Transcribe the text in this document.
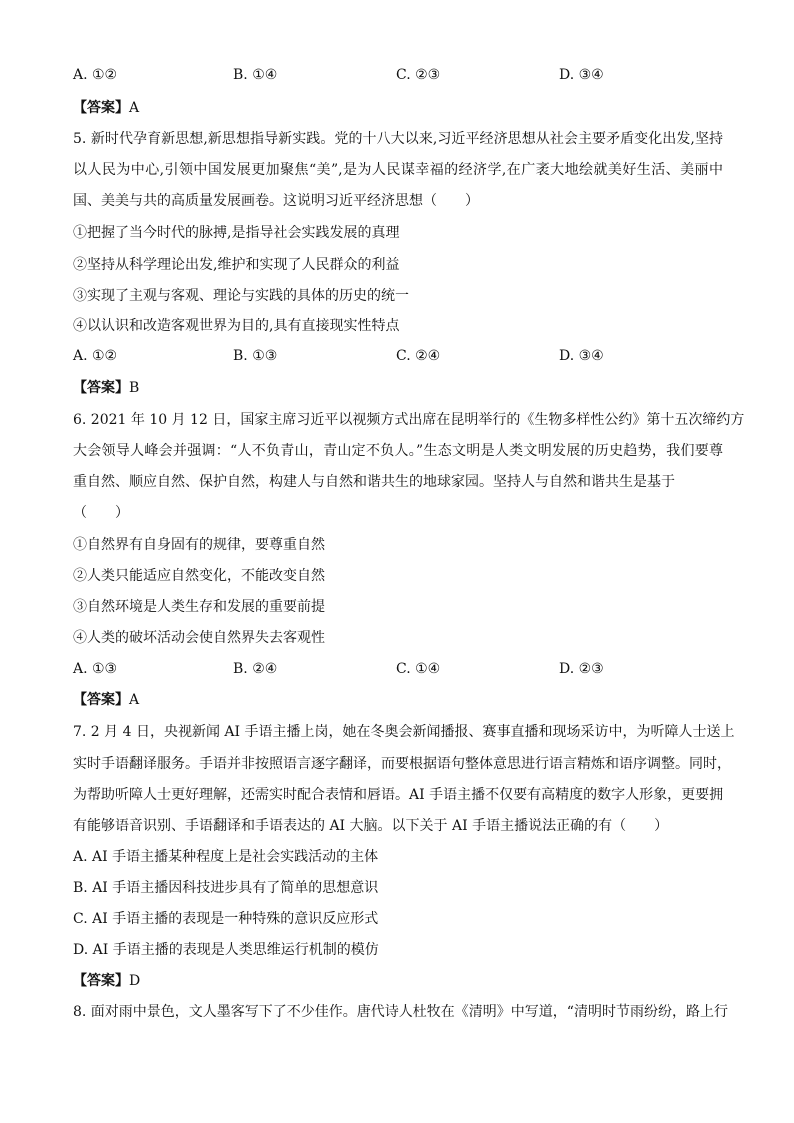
A. ①②	B. ①④	C. ②③	D. ③④
【答案】A
5. 新时代孕育新思想,新思想指导新实践。党的十八大以来,习近平经济思想从社会主要矛盾变化出发,坚持
以人民为中心,引领中国发展更加聚焦“美”,是为人民谋幸福的经济学,在广袤大地绘就美好生活、美丽中
国、美美与共的高质量发展画卷。这说明习近平经济思想（　　）
①把握了当今时代的脉搏,是指导社会实践发展的真理
②坚持从科学理论出发,维护和实现了人民群众的利益
③实现了主观与客观、理论与实践的具体的历史的统一
④以认识和改造客观世界为目的,具有直接现实性特点
A. ①②	B. ①③	C. ②④	D. ③④
【答案】B
6. 2021 年 10 月 12 日，国家主席习近平以视频方式出席在昆明举行的《生物多样性公约》第十五次缔约方
大会领导人峰会并强调：“人不负青山，青山定不负人。”生态文明是人类文明发展的历史趋势，我们要尊
重自然、顺应自然、保护自然，构建人与自然和谐共生的地球家园。坚持人与自然和谐共生是基于
（　　）
①自然界有自身固有的规律，要尊重自然
②人类只能适应自然变化，不能改变自然
③自然环境是人类生存和发展的重要前提
④人类的破坏活动会使自然界失去客观性
A. ①③	B. ②④	C. ①④	D. ②③
【答案】A
7. 2 月 4 日，央视新闻 AI 手语主播上岗，她在冬奥会新闻播报、赛事直播和现场采访中，为听障人士送上
实时手语翻译服务。手语并非按照语言逐字翻译，而要根据语句整体意思进行语言精炼和语序调整。同时，
为帮助听障人士更好理解，还需实时配合表情和唇语。AI 手语主播不仅要有高精度的数字人形象，更要拥
有能够语音识别、手语翻译和手语表达的 AI 大脑。以下关于 AI 手语主播说法正确的有（　　）
A. AI 手语主播某种程度上是社会实践活动的主体
B. AI 手语主播因科技进步具有了简单的思想意识
C. AI 手语主播的表现是一种特殊的意识反应形式
D. AI 手语主播的表现是人类思维运行机制的模仿
【答案】D
8. 面对雨中景色，文人墨客写下了不少佳作。唐代诗人杜牧在《清明》中写道，“清明时节雨纷纷，路上行
